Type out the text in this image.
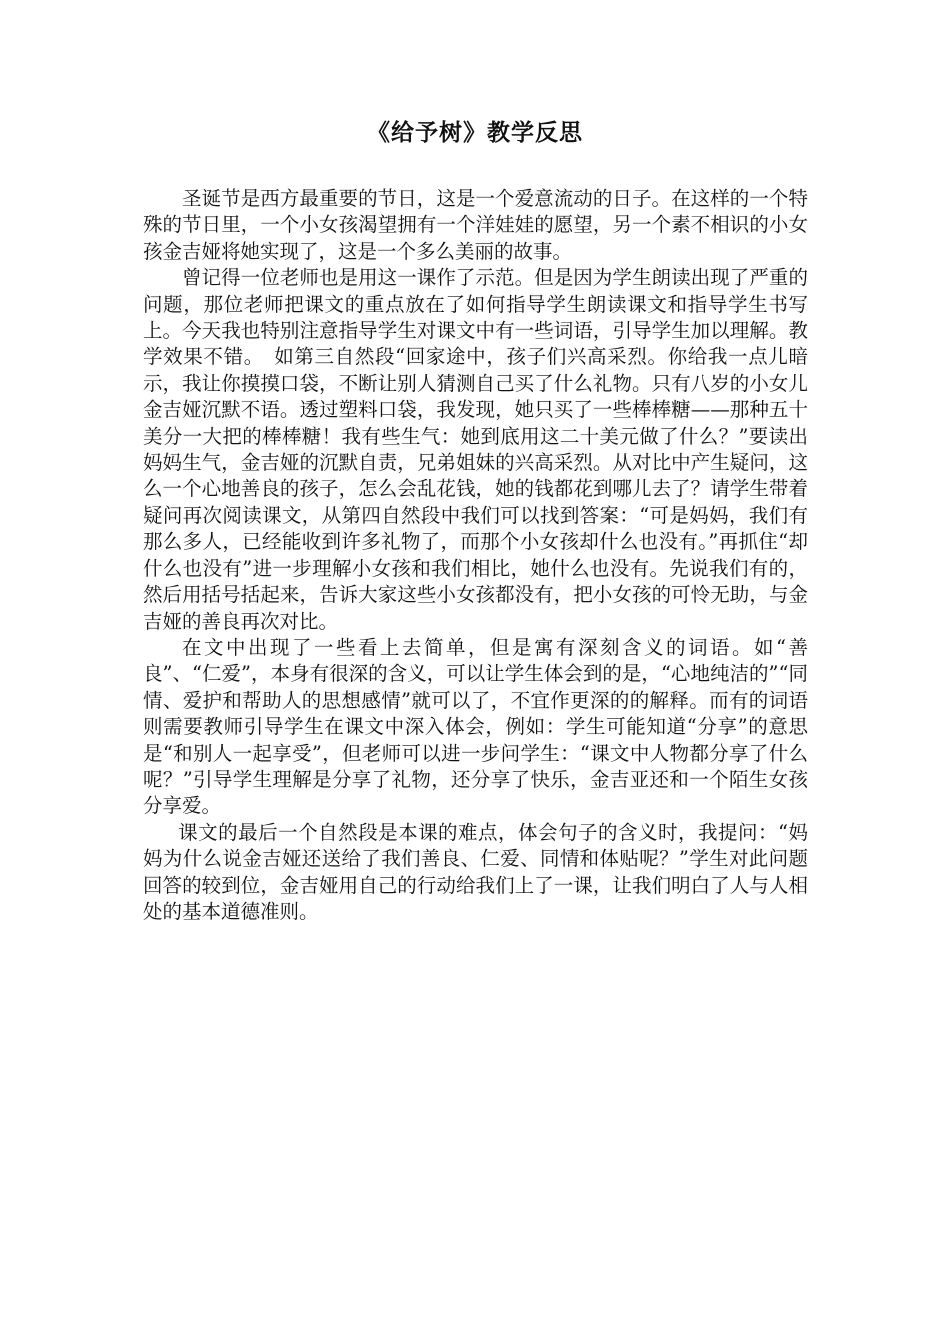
《给予树》教学反思

圣诞节是西方最重要的节日，这是一个爱意流动的日子。在这样的一个特殊的节日里，一个小女孩渴望拥有一个洋娃娃的愿望，另一个素不相识的小女孩金吉娅将她实现了，这是一个多么美丽的故事。

曾记得一位老师也是用这一课作了示范。但是因为学生朗读出现了严重的问题，那位老师把课文的重点放在了如何指导学生朗读课文和指导学生书写上。今天我也特别注意指导学生对课文中有一些词语，引导学生加以理解。教学效果不错。　如第三自然段“回家途中，孩子们兴高采烈。你给我一点儿暗示，我让你摸摸口袋，不断让别人猜测自己买了什么礼物。只有八岁的小女儿金吉娅沉默不语。透过塑料口袋，我发现，她只买了一些棒棒糖——那种五十美分一大把的棒棒糖！我有些生气：她到底用这二十美元做了什么？”要读出妈妈生气，金吉娅的沉默自责，兄弟姐妹的兴高采烈。从对比中产生疑问，这么一个心地善良的孩子，怎么会乱花钱，她的钱都花到哪儿去了？请学生带着疑问再次阅读课文，从第四自然段中我们可以找到答案：“可是妈妈，我们有那么多人，已经能收到许多礼物了，而那个小女孩却什么也没有。”再抓住“却什么也没有”进一步理解小女孩和我们相比，她什么也没有。先说我们有的，然后用括号括起来，告诉大家这些小女孩都没有，把小女孩的可怜无助，与金吉娅的善良再次对比。

在文中出现了一些看上去简单，但是寓有深刻含义的词语。如“善良”、“仁爱”，本身有很深的含义，可以让学生体会到的是，“心地纯洁的”“同情、爱护和帮助人的思想感情”就可以了，不宜作更深的的解释。而有的词语则需要教师引导学生在课文中深入体会，例如：学生可能知道“分享”的意思是“和别人一起享受”，但老师可以进一步问学生：“课文中人物都分享了什么呢？”引导学生理解是分享了礼物，还分享了快乐，金吉亚还和一个陌生女孩分享爱。

课文的最后一个自然段是本课的难点，体会句子的含义时，我提问：“妈妈为什么说金吉娅还送给了我们善良、仁爱、同情和体贴呢？”学生对此问题回答的较到位，金吉娅用自己的行动给我们上了一课，让我们明白了人与人相处的基本道德准则。
